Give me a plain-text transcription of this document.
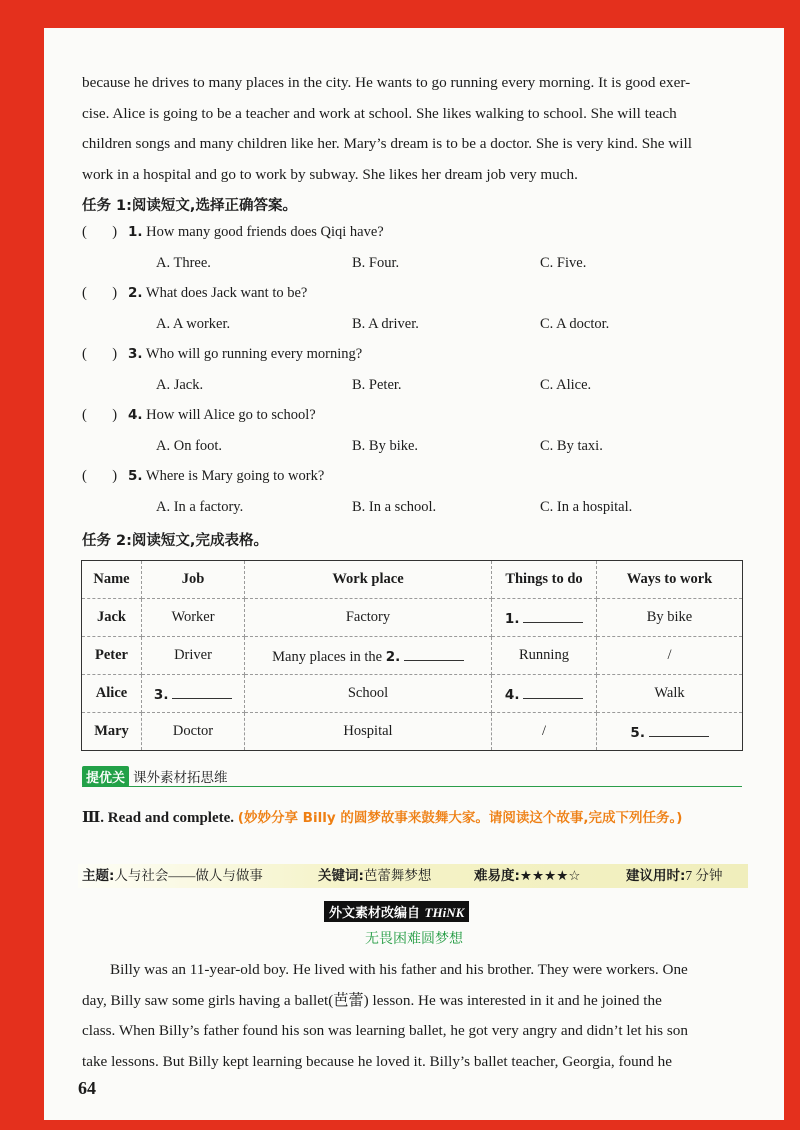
because he drives to many places in the city. He wants to go running every morning. It is good exer-
cise. Alice is going to be a teacher and work at school. She likes walking to school. She will teach
children songs and many children like her. Mary’s dream is to be a doctor. She is very kind. She will
work in a hospital and go to work by subway. She likes her dream job very much.

任务 1:阅读短文,选择正确答案。
( ) 1. How many good friends does Qiqi have?
A. Three.	B. Four.	C. Five.
( ) 2. What does Jack want to be?
A. A worker.	B. A driver.	C. A doctor.
( ) 3. Who will go running every morning?
A. Jack.	B. Peter.	C. Alice.
( ) 4. How will Alice go to school?
A. On foot.	B. By bike.	C. By taxi.
( ) 5. Where is Mary going to work?
A. In a factory.	B. In a school.	C. In a hospital.
任务 2:阅读短文,完成表格。
Name	Job	Work place	Things to do	Ways to work
Jack	Worker	Factory	1.	By bike
Peter	Driver	Many places in the 2.	Running	/
Alice	3.	School	4.	Walk
Mary	Doctor	Hospital	/	5.
提优关 课外素材拓思维
Ⅲ. Read and complete. (妙妙分享 Billy 的圆梦故事来鼓舞大家。请阅读这个故事,完成下列任务。)
主题:人与社会——做人与做事	关键词:芭蕾舞梦想	难易度:★★★★☆	建议用时:7 分钟
外文素材改编自 THiNK
无畏困难圆梦想

Billy was an 11-year-old boy. He lived with his father and his brother. They were workers. One
day, Billy saw some girls having a ballet(芭蕾) lesson. He was interested in it and he joined the
class. When Billy’s father found his son was learning ballet, he got very angry and didn’t let his son
take lessons. But Billy kept learning because he loved it. Billy’s ballet teacher, Georgia, found he

64
